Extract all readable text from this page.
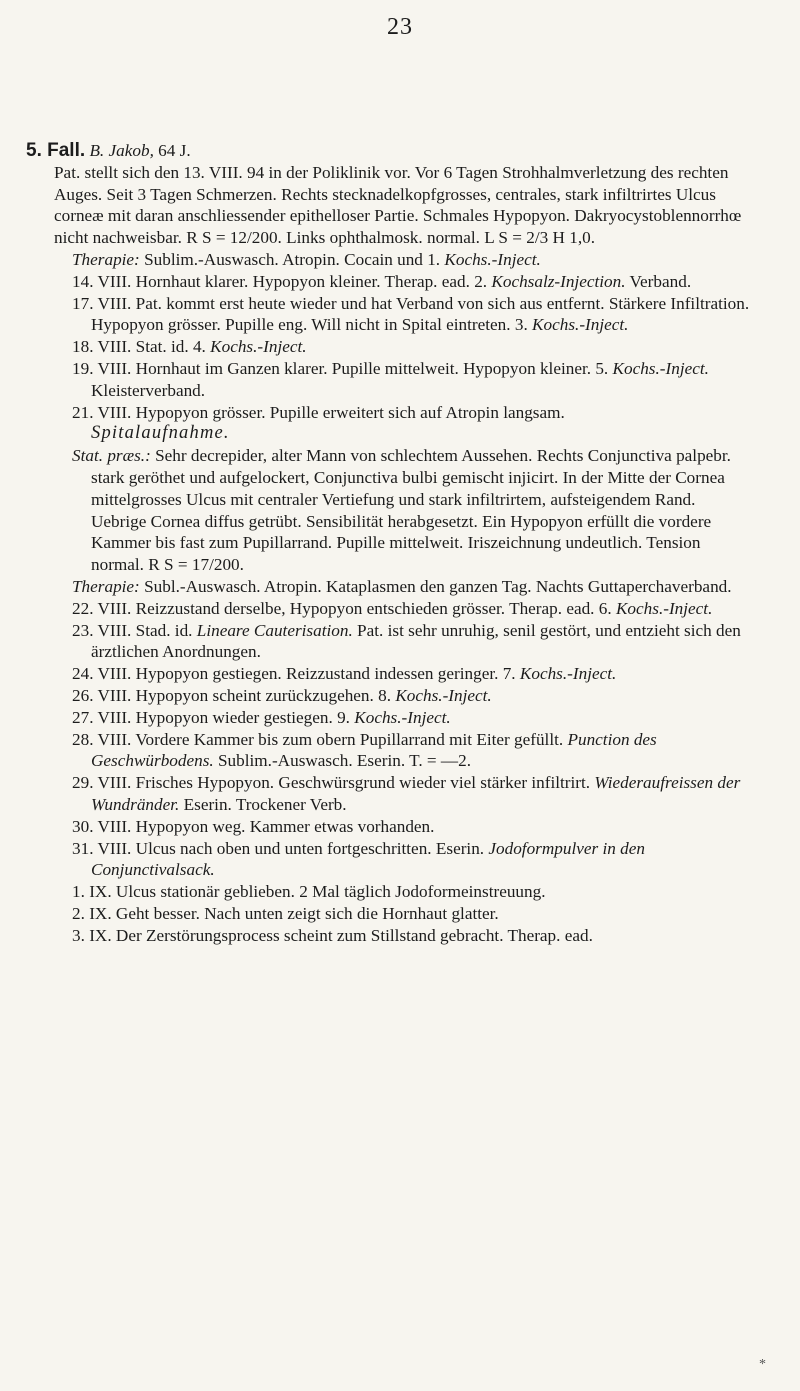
23

5. Fall. B. Jakob, 64 J.

Pat. stellt sich den 13. VIII. 94 in der Poliklinik vor. Vor 6 Tagen Strohhalmverletzung des rechten Auges. Seit 3 Tagen Schmerzen. Rechts stecknadelkopfgrosses, centrales, stark infiltrirtes Ulcus corneæ mit daran anschliessender epithelloser Partie. Schmales Hypopyon. Dakryocystoblennorrhœ nicht nachweisbar. R S = 12/200. Links ophthalmosk. normal. L S = 2/3 H 1,0.

Therapie: Sublim.-Auswasch. Atropin. Cocain und 1. Kochs.-Inject.

14. VIII. Hornhaut klarer. Hypopyon kleiner. Therap. ead. 2. Kochsalz-Injection. Verband.

17. VIII. Pat. kommt erst heute wieder und hat Verband von sich aus entfernt. Stärkere Infiltration. Hypopyon grösser. Pupille eng. Will nicht in Spital eintreten. 3. Kochs.-Inject.

18. VIII. Stat. id. 4. Kochs.-Inject.

19. VIII. Hornhaut im Ganzen klarer. Pupille mittelweit. Hypopyon kleiner. 5. Kochs.-Inject. Kleisterverband.

21. VIII. Hypopyon grösser. Pupille erweitert sich auf Atropin langsam.

Spitalaufnahme.

Stat. præs.: Sehr decrepider, alter Mann von schlechtem Aussehen. Rechts Conjunctiva palpebr. stark geröthet und aufgelockert, Conjunctiva bulbi gemischt injicirt. In der Mitte der Cornea mittelgrosses Ulcus mit centraler Vertiefung und stark infiltrirtem, aufsteigendem Rand. Uebrige Cornea diffus getrübt. Sensibilität herabgesetzt. Ein Hypopyon erfüllt die vordere Kammer bis fast zum Pupillarrand. Pupille mittelweit. Iriszeichnung undeutlich. Tension normal. R S = 17/200.

Therapie: Subl.-Auswasch. Atropin. Kataplasmen den ganzen Tag. Nachts Guttaperchaverband.

22. VIII. Reizzustand derselbe, Hypopyon entschieden grösser. Therap. ead. 6. Kochs.-Inject.

23. VIII. Stad. id. Lineare Cauterisation. Pat. ist sehr unruhig, senil gestört, und entzieht sich den ärztlichen Anordnungen.

24. VIII. Hypopyon gestiegen. Reizzustand indessen geringer. 7. Kochs.-Inject.

26. VIII. Hypopyon scheint zurückzugehen. 8. Kochs.-Inject.

27. VIII. Hypopyon wieder gestiegen. 9. Kochs.-Inject.

28. VIII. Vordere Kammer bis zum obern Pupillarrand mit Eiter gefüllt. Punction des Geschwürbodens. Sublim.-Auswasch. Eserin. T. = —2.

29. VIII. Frisches Hypopyon. Geschwürsgrund wieder viel stärker infiltrirt. Wiederaufreissen der Wundränder. Eserin. Trockener Verb.

30. VIII. Hypopyon weg. Kammer etwas vorhanden.

31. VIII. Ulcus nach oben und unten fortgeschritten. Eserin. Jodoformpulver in den Conjunctivalsack.

1. IX. Ulcus stationär geblieben. 2 Mal täglich Jodoformeinstreuung.

2. IX. Geht besser. Nach unten zeigt sich die Hornhaut glatter.

3. IX. Der Zerstörungsprocess scheint zum Stillstand gebracht. Therap. ead.

*
